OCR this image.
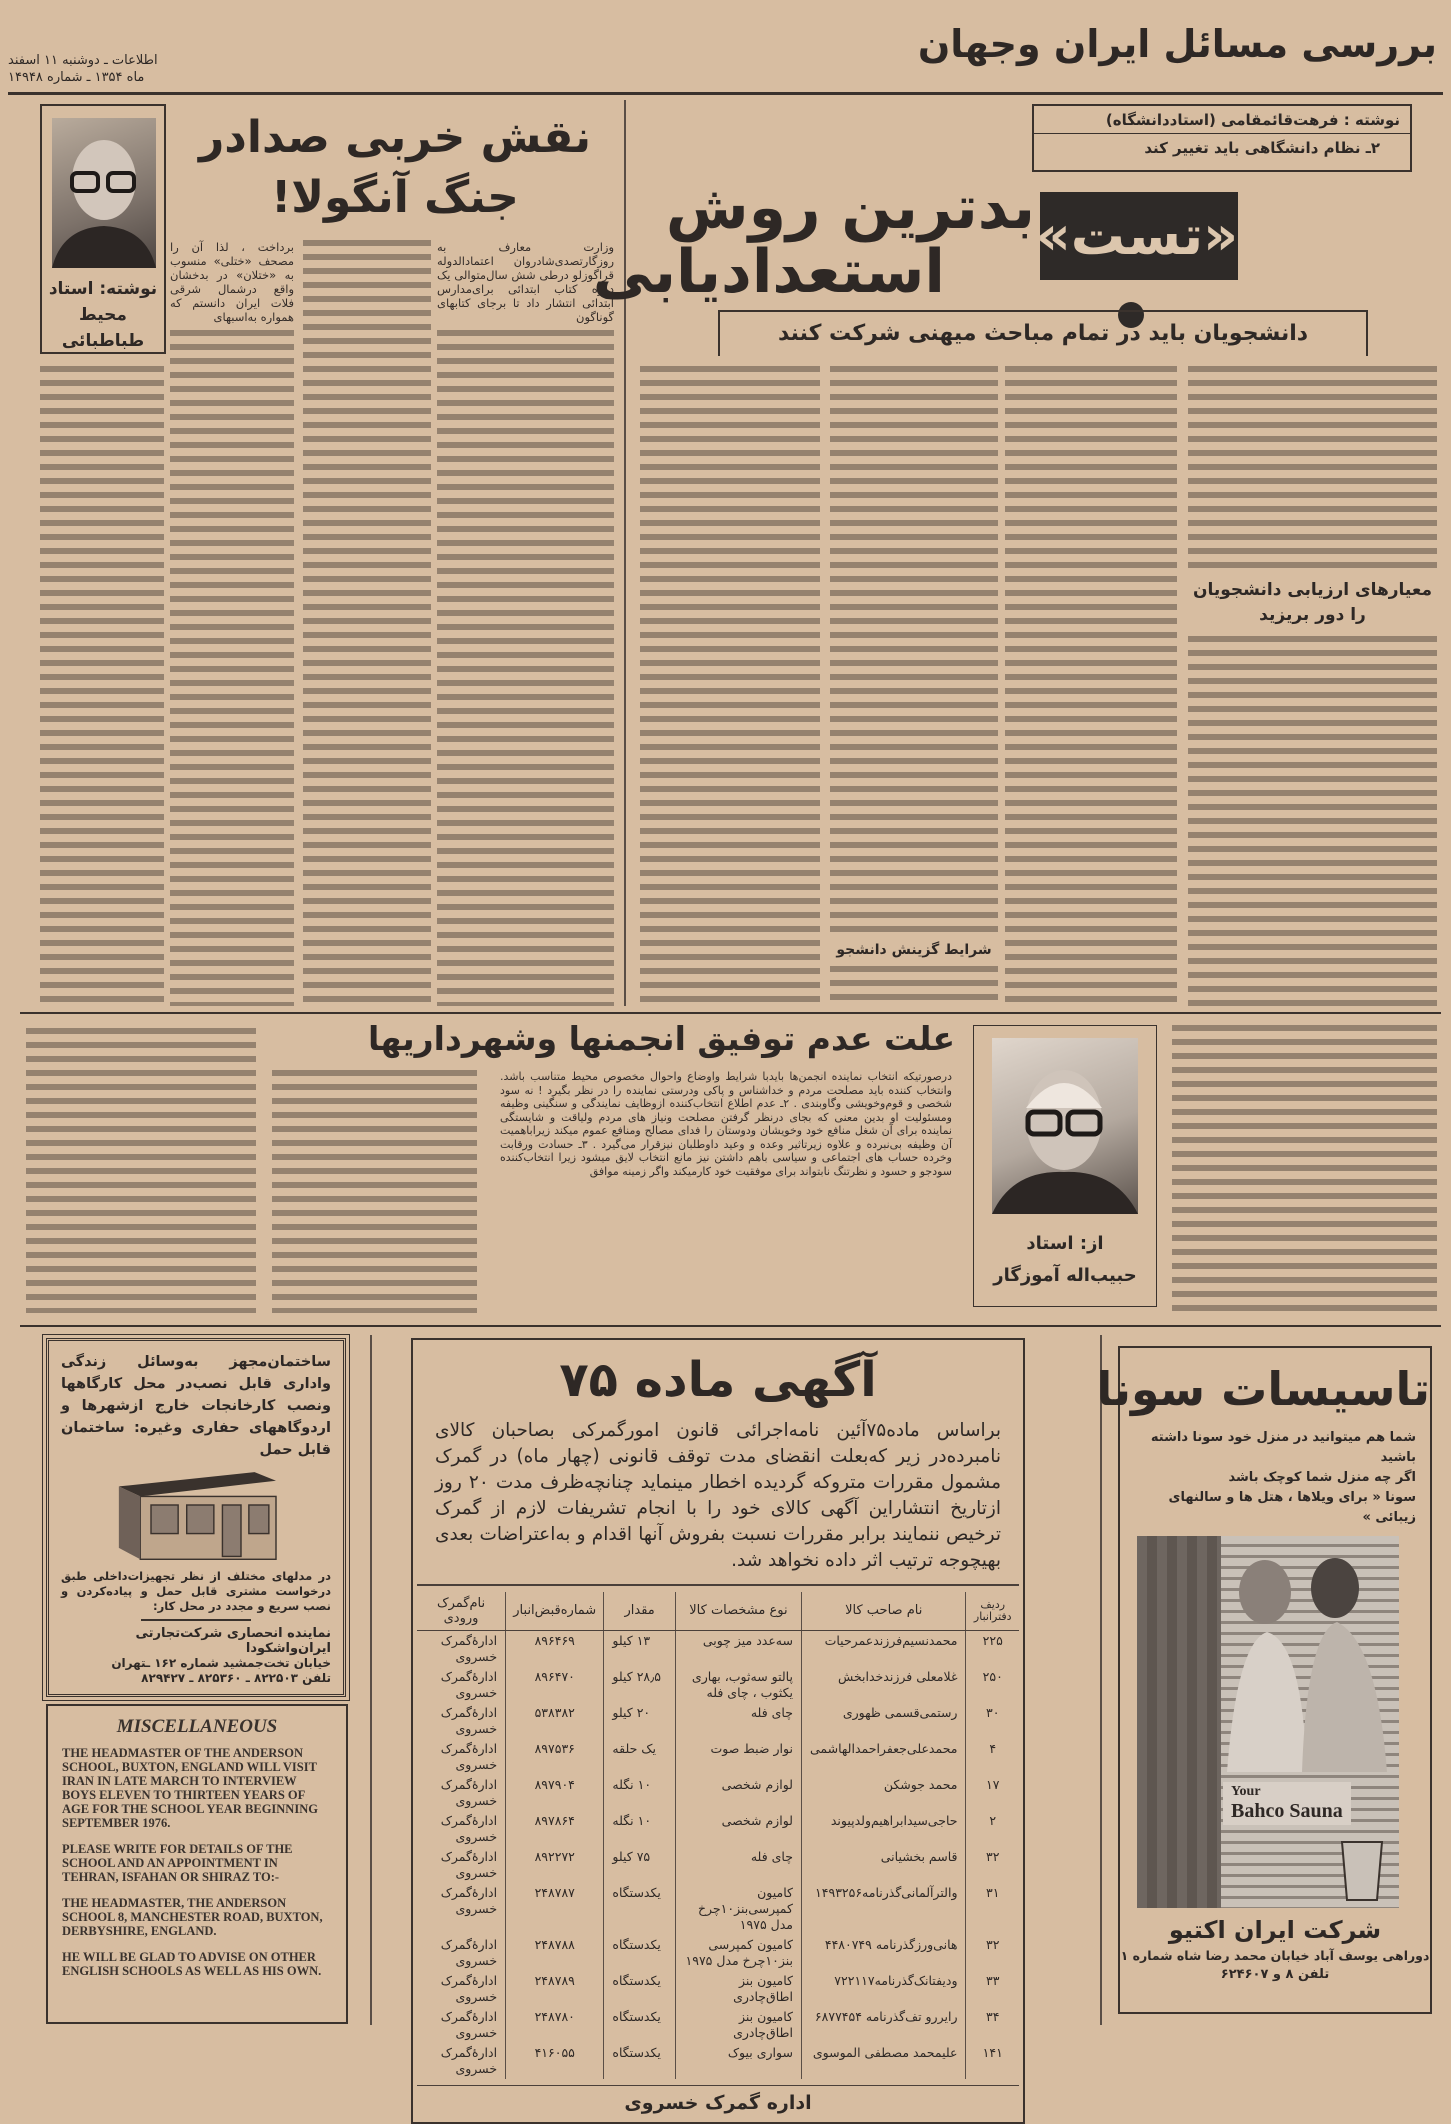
بررسی مسائل ایران وجهان
اطلاعات ـ دوشنبه ۱۱ اسفند
ماه ۱۳۵۴ ـ شماره ۱۴۹۴۸
نوشته: استاد
محیط طباطبائی
نقش خربی صدادر
جنگ آنگولا!
وزارت معارف به روزگارتصدی‌شادروان اعتمادالدوله قراگوزلو درطی شش سال‌متوالی یک دوره کتاب ابتدائی برای‌مدارس ابتدائی انتشار داد تا برجای کتابهای گوناگون
برداخت ، لذا آن را مصحف «ختلی» منسوب به «ختلان» در بدخشان واقع درشمال شرقی فلات ایران دانستم که همواره به‌اسبهای
نوشته : فرهت‌قائمقامی (استاددانشگاه)
۲ـ نظام دانشگاهی باید تغییر کند
«تست»
بدترین روش
استعدادیابی
دانشجویان باید در تمام مباحث میهنی شرکت کنند
معیارهای ارزیابی دانشجویان را دور بریزید
شرایط گزینش دانشجو
علت عدم توفیق انجمنها وشهرداریها
درصورتیکه انتخاب نماینده انجمن‌ها بایدبا شرایط واوضاع واحوال مخصوص محیط متناسب باشد. وانتخاب کننده باید مصلحت مردم و خداشناس و پاکی ودرستی نماینده را در نظر بگیرد ! نه سود شخصی و قوم‌وخویشی وگاوبندی . ۲ـ عدم اطلاع انتخاب‌کننده ازوظایف نمایندگی و سنگینی وظیفه ومسئولیت او بدین معنی که بجای درنظر گرفتن مصلحت ونیاز های مردم ولیاقت و شایستگی نماینده برای آن شغل منافع خود وخویشان ودوستان را فدای مصالح ومنافع عموم میکند زیراباهمیت آن وظیفه بی‌نبرده و علاوه زیرتاثیر وعده و وعید داوطلبان نیزقرار می‌گیرد . ۳ـ حسادت ورقابت وخرده حساب های اجتماعی و سیاسی باهم داشتن نیز مانع انتخاب لایق میشود زیرا انتخاب‌کننده سودجو و حسود و نظرتنگ نابتواند برای موفقیت خود کارمیکند واگر زمینه موافق
از: استاد
حبیب‌اله آموزگار
ساختمان‌مجهز به‌وسائل زندگی واداری قابل نصب‌در محل کارگاهها ونصب کارخانجات خارج ازشهرها و اردوگاههای حفاری وغیره: ساختمان قابل حمل
در مدلهای مختلف از نظر تجهیزات‌داخلی طبق درخواست مشتری قابل حمل و پیاده‌کردن و نصب سریع و مجدد در محل کار:
نماینده انحصاری شرکت‌تجارتی ایران‌واشکودا
خیابان تخت‌جمشید شماره ۱۶۲ ـتهران
تلفن ۸۲۲۵۰۳ ـ ۸۲۵۳۶۰ ـ ۸۲۹۴۲۷
MISCELLANEOUS

THE HEADMASTER OF THE ANDERSON SCHOOL, BUXTON, ENGLAND WILL VISIT IRAN IN LATE MARCH TO INTERVIEW BOYS ELEVEN TO THIRTEEN YEARS OF AGE FOR THE SCHOOL YEAR BEGINNING SEPTEMBER 1976.

PLEASE WRITE FOR DETAILS OF THE SCHOOL AND AN APPOINTMENT IN TEHRAN, ISFAHAN OR SHIRAZ TO:-

THE HEADMASTER, THE ANDERSON SCHOOL 8, MANCHESTER ROAD, BUXTON, DERBYSHIRE, ENGLAND.

HE WILL BE GLAD TO ADVISE ON OTHER ENGLISH SCHOOLS AS WELL AS HIS OWN.

آگهی ماده ۷۵
براساس ماده۷۵آئین نامه‌اجرائی قانون امورگمرکی بصاحبان کالای نامبرده‌در زیر که‌بعلت انقضای مدت توقف قانونی (چهار ماه) در گمرک مشمول مقررات متروکه گردیده اخطار مینماید چنانچه‌ظرف مدت ۲۰ روز ازتاریخ انتشاراین آگهی کالای خود را با انجام تشریفات لازم از گمرک ترخیص ننمایند برابر مقررات نسبت بفروش آنها اقدام و به‌اعتراضات بعدی بهیچوجه ترتیب اثر داده نخواهد شد.
ردیف دفترانبار	نام صاحب کالا	نوع مشخصات کالا	مقدار	شماره‌قبض‌انبار	نام‌گمرک ورودی
۲۲۵	محمدنسیم‌فرزندعمرحیات	سه‌عدد میز چوبی	۱۳ کیلو	۸۹۶۴۶۹	ادارهٔ‌گمرک خسروی
۲۵۰	غلامعلی فرزندخدابخش	پالتو سه‌ثوب، بهاری یکثوب ، چای فله	۲۸٫۵ کیلو	۸۹۶۴۷۰	ادارهٔ‌گمرک خسروی
۳۰	رستمی‌قسمی ظهوری	چای فله	۲۰ کیلو	۵۳۸۳۸۲	ادارهٔ‌گمرک خسروی
۴	محمدعلی‌جعفراحمدالهاشمی	نوار ضبط صوت	یک حلقه	۸۹۷۵۳۶	ادارهٔ‌گمرک خسروی
۱۷	محمد جوشکن	لوازم شخصی	۱۰ نگله	۸۹۷۹۰۴	ادارهٔ‌گمرک خسروی
۲	حاجی‌سیدابراهیم‌ولدپیوند	لوازم شخصی	۱۰ نگله	۸۹۷۸۶۴	ادارهٔ‌گمرک خسروی
۳۲	قاسم بخشیانی	چای فله	۷۵ کیلو	۸۹۲۲۷۲	ادارهٔ‌گمرک خسروی
۳۱	والترآلمانی‌گذرنامه۱۴۹۳۲۵۶	کامیون کمپرسی‌بنز۱۰چرخ مدل ۱۹۷۵	یکدستگاه	۲۴۸۷۸۷	ادارهٔ‌گمرک خسروی
۳۲	هانی‌ورزگذرنامه ۴۴۸۰۷۴۹	کامیون کمپرسی بنز۱۰چرخ مدل ۱۹۷۵	یکدستگاه	۲۴۸۷۸۸	ادارهٔ‌گمرک خسروی
۳۳	ودیفتانک‌گذرنامه۷۲۲۱۱۷	کامیون بنز اطاق‌چادری	یکدستگاه	۲۴۸۷۸۹	ادارهٔ‌گمرک خسروی
۳۴	رایررو تف‌گذرنامه ۶۸۷۷۴۵۴	کامیون بنز اطاق‌چادری	یکدستگاه	۲۴۸۷۸۰	ادارهٔ‌گمرک خسروی
۱۴۱	علیمحمد مصطفی الموسوی	سواری بیوک	یکدستگاه	۴۱۶۰۵۵	ادارهٔ‌گمرک خسروی
اداره گمرک خسروی
تاسیسات سونا
شما هم میتوانید در منزل خود سونا داشته باشید
اگر چه منزل شما کوچک باشد
سونا « برای ویلاها ، هتل ها و سالنهای زیبائی »
Your
Bahco Sauna
شرکت ایران اکتیو
دوراهی یوسف آباد خیابان محمد رضا شاه شماره ۱
تلفن ۸ و ۶۲۴۶۰۷
